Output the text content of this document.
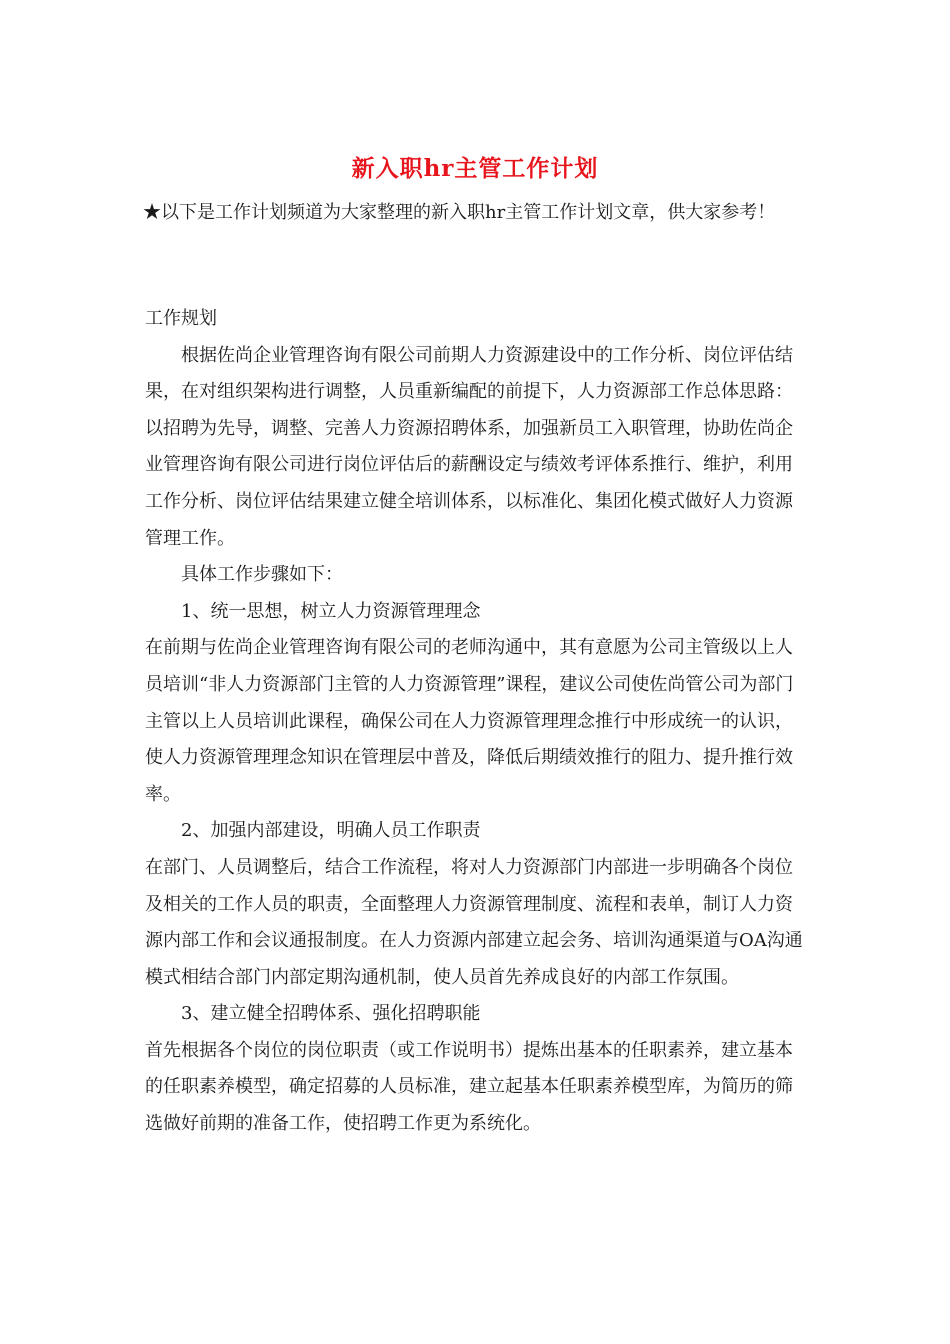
新入职hr主管工作计划
★以下是工作计划频道为大家整理的新入职hr主管工作计划文章，供大家参考！

工作规划

根据佐尚企业管理咨询有限公司前期人力资源建设中的工作分析、岗位评估结果，在对组织架构进行调整，人员重新编配的前提下，人力资源部工作总体思路：以招聘为先导，调整、完善人力资源招聘体系，加强新员工入职管理，协助佐尚企业管理咨询有限公司进行岗位评估后的薪酬设定与绩效考评体系推行、维护，利用工作分析、岗位评估结果建立健全培训体系，以标准化、集团化模式做好人力资源管理工作。

具体工作步骤如下：

1、统一思想，树立人力资源管理理念

在前期与佐尚企业管理咨询有限公司的老师沟通中，其有意愿为公司主管级以上人员培训“非人力资源部门主管的人力资源管理”课程，建议公司使佐尚管公司为部门主管以上人员培训此课程，确保公司在人力资源管理理念推行中形成统一的认识，使人力资源管理理念知识在管理层中普及，降低后期绩效推行的阻力、提升推行效率。

2、加强内部建设，明确人员工作职责

在部门、人员调整后，结合工作流程，将对人力资源部门内部进一步明确各个岗位及相关的工作人员的职责，全面整理人力资源管理制度、流程和表单，制订人力资源内部工作和会议通报制度。在人力资源内部建立起会务、培训沟通渠道与OA沟通模式相结合部门内部定期沟通机制，使人员首先养成良好的内部工作氛围。

3、建立健全招聘体系、强化招聘职能

首先根据各个岗位的岗位职责（或工作说明书）提炼出基本的任职素养，建立基本的任职素养模型，确定招募的人员标准，建立起基本任职素养模型库，为简历的筛选做好前期的准备工作，使招聘工作更为系统化。
